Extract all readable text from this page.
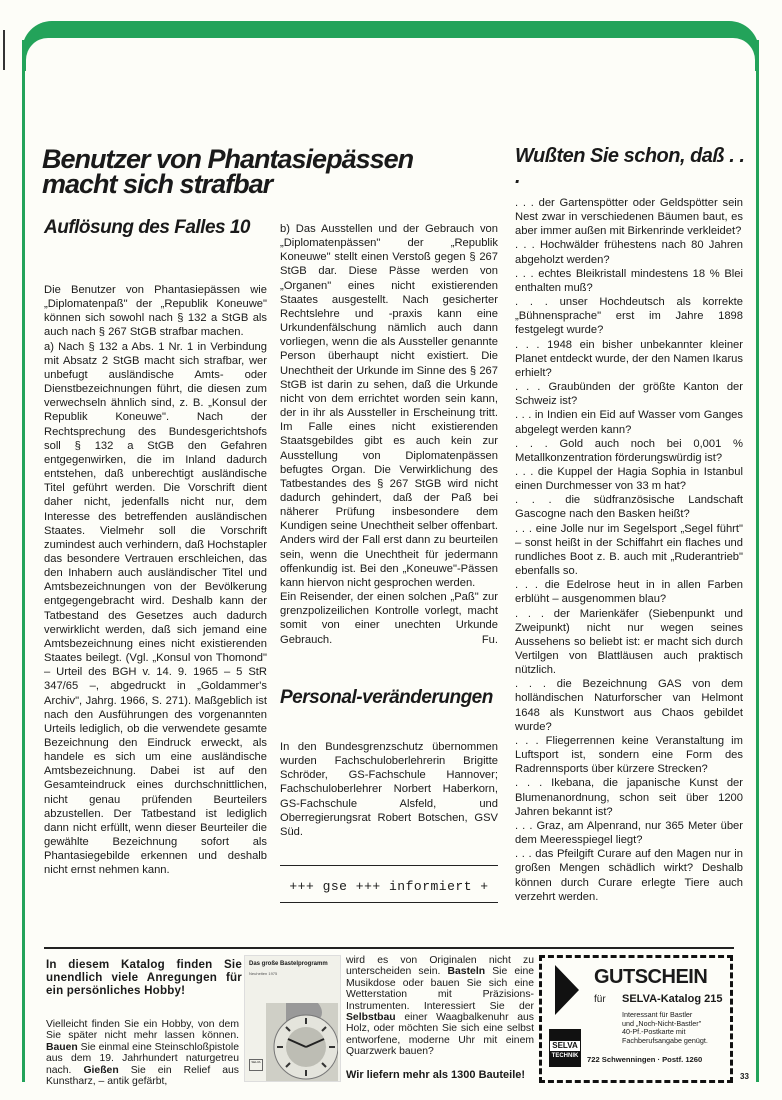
Benutzer von Phantasiepässen macht sich strafbar
Auflösung des Falles 10

Die Benutzer von Phantasiepässen wie „Diplomatenpaß" der „Republik Koneuwe" können sich sowohl nach § 132 a StGB als auch nach § 267 StGB strafbar machen.

a) Nach § 132 a Abs. 1 Nr. 1 in Verbindung mit Absatz 2 StGB macht sich strafbar, wer unbefugt ausländische Amts- oder Dienstbezeichnungen führt, die diesen zum verwechseln ähnlich sind, z. B. „Konsul der Republik Koneuwe". Nach der Rechtsprechung des Bundesgerichtshofs soll § 132 a StGB den Gefahren entgegenwirken, die im Inland dadurch entstehen, daß unberechtigt ausländische Titel geführt werden. Die Vorschrift dient daher nicht, jedenfalls nicht nur, dem Interesse des betreffenden ausländischen Staates. Vielmehr soll die Vorschrift zumindest auch verhindern, daß Hochstapler das besondere Vertrauen erschleichen, das den Inhabern auch ausländischer Titel und Amtsbezeichnungen von der Bevölkerung entgegengebracht wird. Deshalb kann der Tatbestand des Gesetzes auch dadurch verwirklicht werden, daß sich jemand eine Amtsbezeichnung eines nicht existierenden Staates beilegt. (Vgl. „Konsul von Thomond" – Urteil des BGH v. 14. 9. 1965 – 5 StR 347/65 –, abgedruckt in „Goldammer's Archiv", Jahrg. 1966, S. 271). Maßgeblich ist nach den Ausführungen des vorgenannten Urteils lediglich, ob die verwendete gesamte Bezeichnung den Eindruck erweckt, als handele es sich um eine ausländische Amtsbezeichnung. Dabei ist auf den Gesamteindruck eines durchschnittlichen, nicht genau prüfenden Beurteilers abzustellen. Der Tatbestand ist lediglich dann nicht erfüllt, wenn dieser Beurteiler die gewählte Bezeichnung sofort als Phantasiegebilde erkennen und deshalb nicht ernst nehmen kann.

b) Das Ausstellen und der Gebrauch von „Diplomatenpässen" der „Republik Koneuwe" stellt einen Verstoß gegen § 267 StGB dar. Diese Pässe werden von „Organen" eines nicht existierenden Staates ausgestellt. Nach gesicherter Rechtslehre und -praxis kann eine Urkundenfälschung nämlich auch dann vorliegen, wenn die als Aussteller genannte Person überhaupt nicht existiert. Die Unechtheit der Urkunde im Sinne des § 267 StGB ist darin zu sehen, daß die Urkunde nicht von dem errichtet worden sein kann, der in ihr als Aussteller in Erscheinung tritt. Im Falle eines nicht existierenden Staatsgebildes gibt es auch kein zur Ausstellung von Diplomatenpässen befugtes Organ. Die Verwirklichung des Tatbestandes des § 267 StGB wird nicht dadurch gehindert, daß der Paß bei näherer Prüfung insbesondere dem Kundigen seine Unechtheit selber offenbart. Anders wird der Fall erst dann zu beurteilen sein, wenn die Unechtheit für jedermann offenkundig ist. Bei den „Koneuwe"-Pässen kann hiervon nicht gesprochen werden.

Ein Reisender, der einen solchen „Paß" zur grenzpolizeilichen Kontrolle vorlegt, macht somit von einer unechten Urkunde Gebrauch.	Fu.

Personal-veränderungen

In den Bundesgrenzschutz übernommen wurden Fachschuloberlehrerin Brigitte Schröder, GS-Fachschule Hannover; Fachschuloberlehrer Norbert Haberkorn, GS-Fachschule Alsfeld, und Oberregierungsrat Robert Botschen, GSV Süd.

+++ gse +++ informiert +
Wußten Sie schon, daß . . .

. . . der Gartenspötter oder Geldspötter sein Nest zwar in verschiedenen Bäumen baut, es aber immer außen mit Birkenrinde verkleidet?

. . . Hochwälder frühestens nach 80 Jahren abgeholzt werden?

. . . echtes Bleikristall mindestens 18 % Blei enthalten muß?

. . . unser Hochdeutsch als korrekte „Bühnensprache" erst im Jahre 1898 festgelegt wurde?

. . . 1948 ein bisher unbekannter kleiner Planet entdeckt wurde, der den Namen Ikarus erhielt?

. . . Graubünden der größte Kanton der Schweiz ist?

. . . in Indien ein Eid auf Wasser vom Ganges abgelegt werden kann?

. . . Gold auch noch bei 0,001 % Metallkonzentration förderungswürdig ist?

. . . die Kuppel der Hagia Sophia in Istanbul einen Durchmesser von 33 m hat?

. . . die südfranzösische Landschaft Gascogne nach den Basken heißt?

. . . eine Jolle nur im Segelsport „Segel führt" – sonst heißt in der Schiffahrt ein flaches und rundliches Boot z. B. auch mit „Ruderantrieb" ebenfalls so.

. . . die Edelrose heut in in allen Farben erblüht – ausgenommen blau?

. . . der Marienkäfer (Siebenpunkt und Zweipunkt) nicht nur wegen seines Aussehens so beliebt ist: er macht sich durch Vertilgen von Blattläusen auch praktisch nützlich.

. . . die Bezeichnung GAS von dem holländischen Naturforscher van Helmont 1648 als Kunstwort aus Chaos gebildet wurde?

. . . Fliegerrennen keine Veranstaltung im Luftsport ist, sondern eine Form des Radrennsports über kürzere Strecken?

. . . Ikebana, die japanische Kunst der Blumenanordnung, schon seit über 1200 Jahren bekannt ist?

. . . Graz, am Alpenrand, nur 365 Meter über dem Meeresspiegel liegt?

. . . das Pfeilgift Curare auf den Magen nur in großen Mengen schädlich wirkt? Deshalb können durch Curare erlegte Tiere auch verzehrt werden.

In diesem Katalog finden Sie unendlich viele Anregungen für ein persönliches Hobby!

Vielleicht finden Sie ein Hobby, von dem Sie später nicht mehr lassen können. Bauen Sie einmal eine Steinschloßpistole aus dem 19. Jahrhundert naturgetreu nach. Gießen Sie ein Relief aus Kunstharz, – antik gefärbt,

Das große Bastelprogramm
Neuheiten 1975
SELVA

wird es von Originalen nicht zu unterscheiden sein. Basteln Sie eine Musikdose oder bauen Sie sich eine Wetterstation mit Präzisions-Instrumenten. Interessiert Sie der Selbstbau einer Waagbalkenuhr aus Holz, oder möchten Sie sich eine selbst entworfene, moderne Uhr mit einem Quarzwerk bauen?

Wir liefern mehr als 1300 Bauteile!

GUTSCHEIN
für SELVA-Katalog 215
Interessant für Bastler
und „Noch-Nicht-Bastler"
40-Pf.-Postkarte mit
Fachberufsangabe genügt.
SELVA
TECHNIK	722 Schwenningen · Postf. 1260
33
